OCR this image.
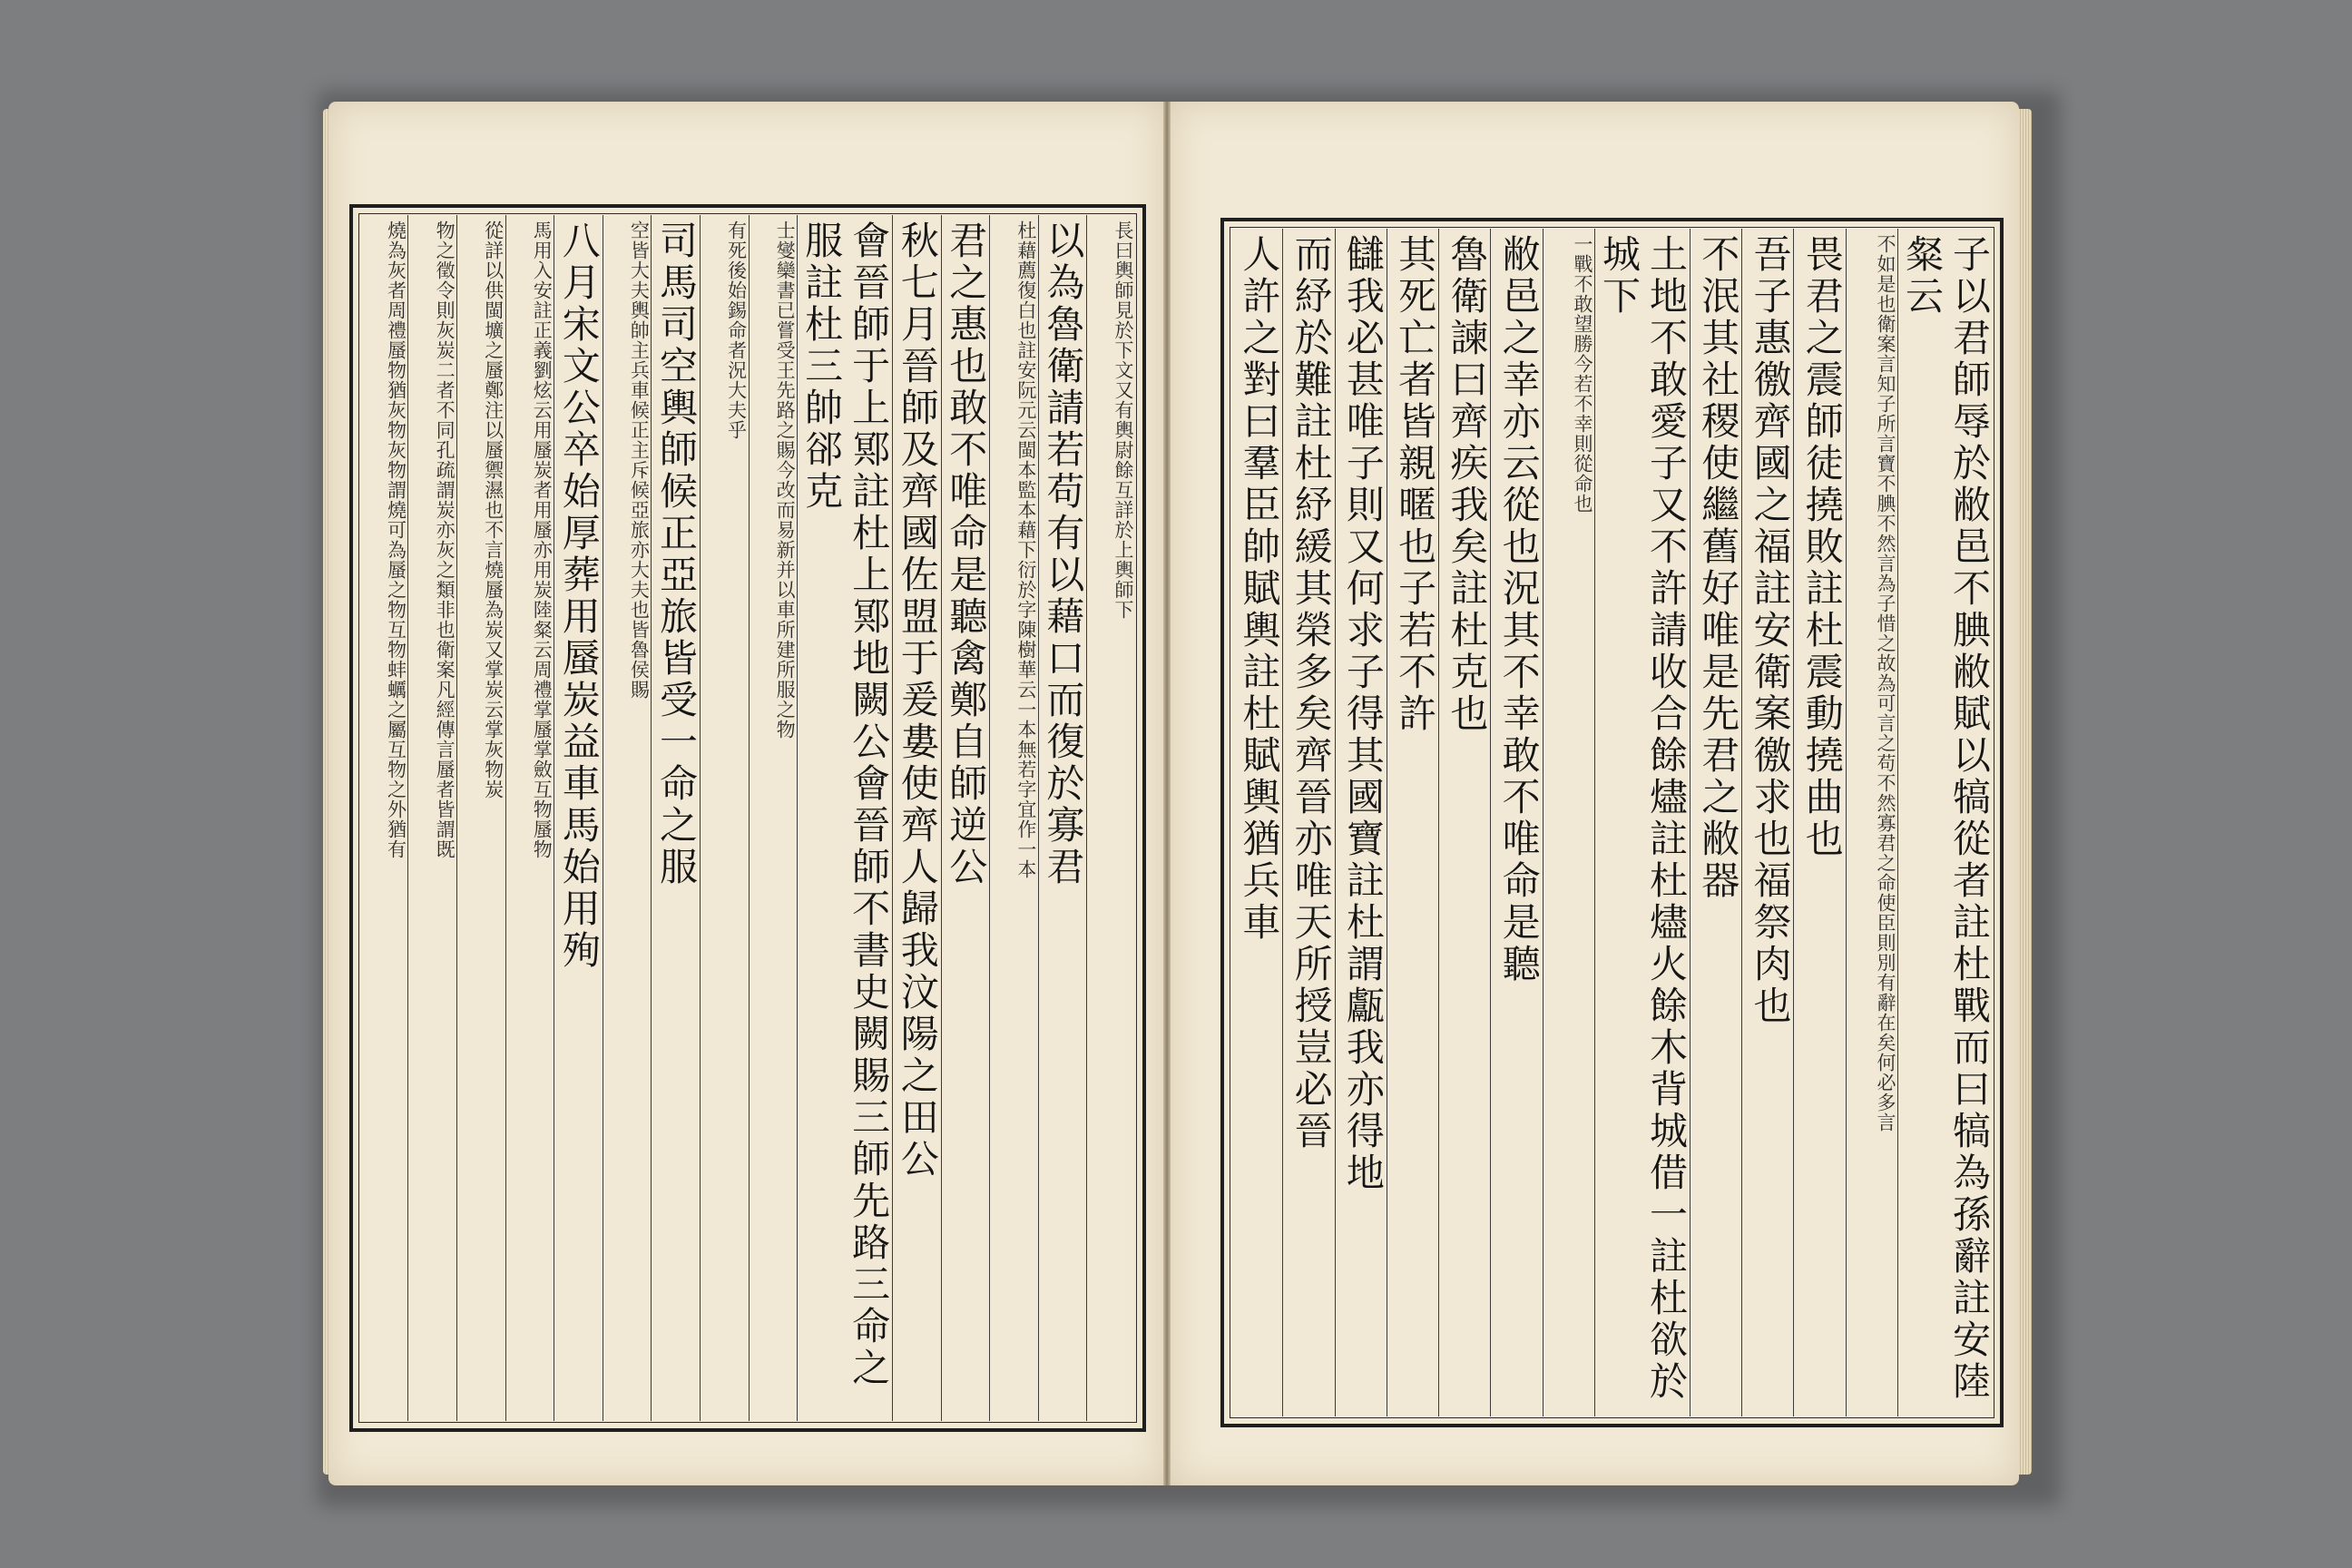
長曰輿師見於下文又有輿尉餘互詳於上輿師下
以為魯衛請若苟有以藉口而復於寡君
杜藉薦復白也註安阮元云閩本監本藉下衍於字陳樹華云一本無若字宜作一本
君之惠也敢不唯命是聽禽鄭自師逆公
秋七月晉師及齊國佐盟于爰婁使齊人歸我汶陽之田公
會晉師于上鄍註杜上鄍地闕公會晉師不書史闕賜三師先路三命之服註杜三帥郤克
士燮欒書已嘗受王先路之賜今改而易新并以車所建所服之物
有死後始錫命者況大夫乎
司馬司空輿師候正亞旅皆受一命之服
空皆大夫輿帥主兵車候正主斥候亞旅亦大夫也皆魯侯賜
八月宋文公卒始厚葬用蜃炭益車馬始用殉
馬用入安註正義劉炫云用蜃炭者用蜃亦用炭陸粲云周禮掌蜃掌斂互物蜃物
從詳以供閩壙之蜃鄭注以蜃禦濕也不言燒蜃為炭又掌炭云掌灰物炭
物之徵令則灰炭二者不同孔疏謂炭亦灰之類非也衛案凡經傳言蜃者皆謂既
燒為灰者周禮蜃物猶灰物灰物謂燒可為蜃之物互物蚌蠣之屬互物之外猶有	子以君師辱於敝邑不腆敝賦以犒從者註杜戰而曰犒為孫辭註安陸粲云
不如是也衛案言知子所言寶不腆不然言為子惜之故為可言之苟不然寡君之命使臣則別有辭在矣何必多言
畏君之震師徒撓敗註杜震動撓曲也
吾子惠徼齊國之福註安衛案徼求也福祭肉也
不泯其社稷使繼舊好唯是先君之敝器
土地不敢愛子又不許請收合餘燼註杜燼火餘木背城借一註杜欲於城下
一戰不敢望勝今若不幸則從命也
敝邑之幸亦云從也況其不幸敢不唯命是聽
魯衛諫曰齊疾我矣註杜克也
其死亡者皆親暱也子若不許
讎我必甚唯子則又何求子得其國寶註杜謂甗我亦得地
而紓於難註杜紓緩其榮多矣齊晉亦唯天所授豈必晉
人許之對曰羣臣帥賦輿註杜賦輿猶兵車
